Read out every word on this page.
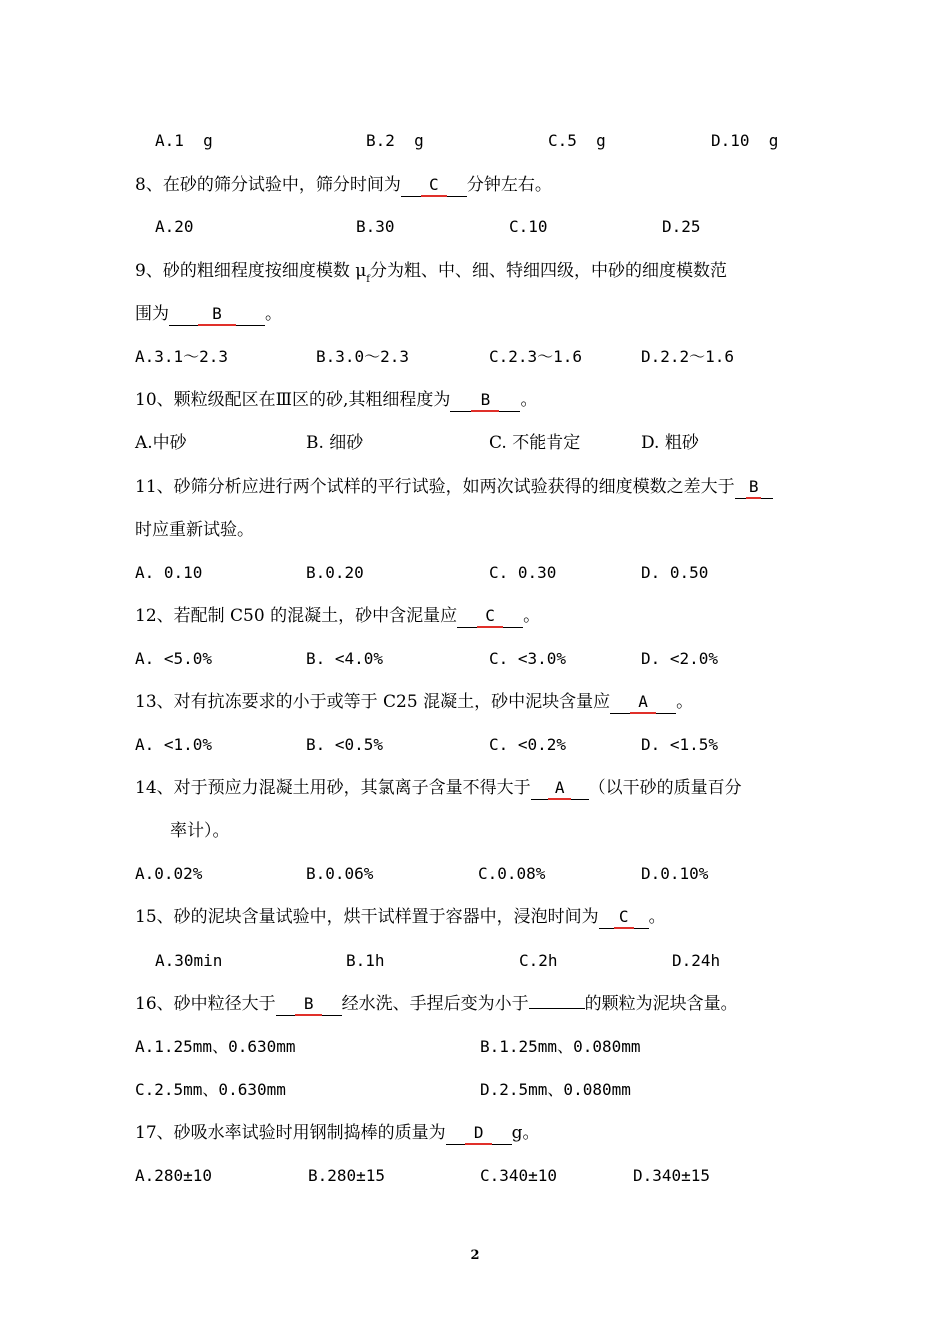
A.1  g	B.2  g	C.5  g	D.10  g
8、在砂的筛分试验中，筛分时间为 C 分钟左右。
A.20	B.30	C.10	D.25
9、砂的粗细程度按细度模数 $\mu_f$分为粗、中、细、特细四级，中砂的细度模数范
围为	B	。
A.3.1～2.3	B.3.0～2.3	C.2.3～1.6	D.2.2～1.6
10、颗粒级配区在Ⅲ区的砂,其粗细程度为 B 。
A.中砂	B. 细砂	C. 不能肯定	D. 粗砂
11、砂筛分析应进行两个试样的平行试验，如两次试验获得的细度模数之差大于 B
时应重新试验。
A. 0.10	B.0.20	C. 0.30	D. 0.50
12、若配制 C50 的混凝土，砂中含泥量应 C 。
A. <5.0%	B. <4.0%	C. <3.0%	D. <2.0%
13、对有抗冻要求的小于或等于 C25 混凝土，砂中泥块含量应 A 。
A. <1.0%	B. <0.5%	C. <0.2%	D. <1.5%
14、对于预应力混凝土用砂，其氯离子含量不得大于 A （以干砂的质量百分
率计）。
A.0.02%	B.0.06%	C.0.08%	D.0.10%
15、砂的泥块含量试验中，烘干试样置于容器中，浸泡时间为 C 。
A.30min	B.1h	C.2h	D.24h
16、砂中粒径大于 B 经水洗、手捏后变为小于	的颗粒为泥块含量。
A.1.25mm、0.630mm	B.1.25mm、0.080mm
C.2.5mm、0.630mm	D.2.5mm、0.080mm
17、砂吸水率试验时用钢制捣棒的质量为 D g。
A.280±10	B.280±15	C.340±10	D.340±15
2
